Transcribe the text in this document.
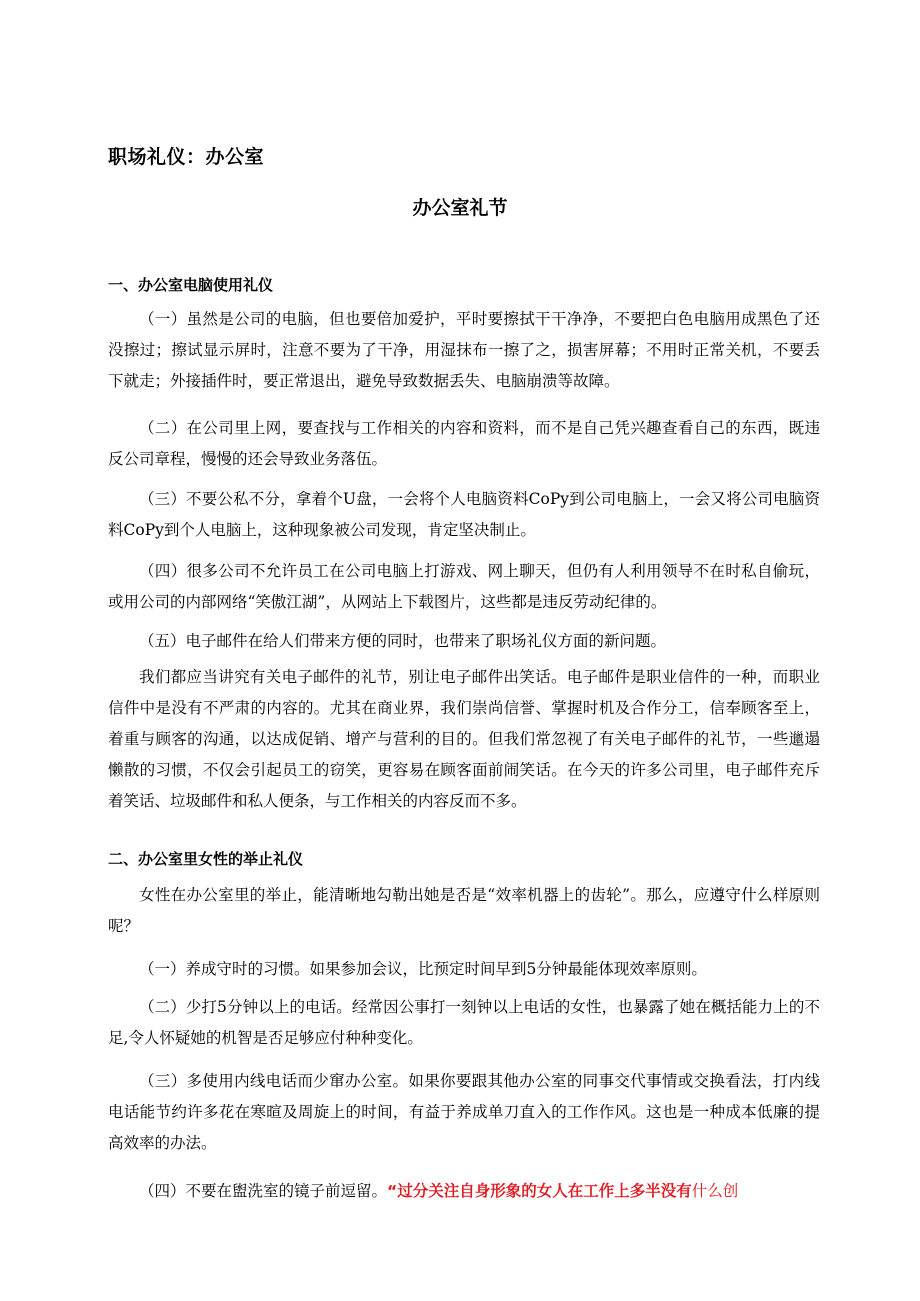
职场礼仪：办公室
办公室礼节
一、办公室电脑使用礼仪

（一）虽然是公司的电脑，但也要倍加爱护，平时要擦拭干干净净，不要把白色电脑用成黑色了还没擦过；擦试显示屏时，注意不要为了干净，用湿抹布一擦了之，损害屏幕；不用时正常关机，不要丢下就走；外接插件时，要正常退出，避免导致数据丢失、电脑崩溃等故障。

（二）在公司里上网，要查找与工作相关的内容和资料，而不是自己凭兴趣查看自己的东西，既违反公司章程，慢慢的还会导致业务落伍。

（三）不要公私不分，拿着个U盘，一会将个人电脑资料CoPy到公司电脑上，一会又将公司电脑资料CoPy到个人电脑上，这种现象被公司发现，肯定坚决制止。

（四）很多公司不允许员工在公司电脑上打游戏、网上聊天，但仍有人利用领导不在时私自偷玩，或用公司的内部网络“笑傲江湖”，从网站上下载图片，这些都是违反劳动纪律的。

（五）电子邮件在给人们带来方便的同时，也带来了职场礼仪方面的新问题。

我们都应当讲究有关电子邮件的礼节，别让电子邮件出笑话。电子邮件是职业信件的一种，而职业信件中是没有不严肃的内容的。尤其在商业界，我们崇尚信誉、掌握时机及合作分工，信奉顾客至上，着重与顾客的沟通，以达成促销、增产与营利的目的。但我们常忽视了有关电子邮件的礼节，一些邋遢懒散的习惯，不仅会引起员工的窃笑，更容易在顾客面前闹笑话。在今天的许多公司里，电子邮件充斥着笑话、垃圾邮件和私人便条，与工作相关的内容反而不多。

二、办公室里女性的举止礼仪

女性在办公室里的举止，能清晰地勾勒出她是否是“效率机器上的齿轮”。那么，应遵守什么样原则呢？

（一）养成守时的习惯。如果参加会议，比预定时间早到5分钟最能体现效率原则。

（二）少打5分钟以上的电话。经常因公事打一刻钟以上电话的女性，也暴露了她在概括能力上的不足,令人怀疑她的机智是否足够应付种种变化。

（三）多使用内线电话而少窜办公室。如果你要跟其他办公室的同事交代事情或交换看法，打内线电话能节约许多花在寒暄及周旋上的时间，有益于养成单刀直入的工作作风。这也是一种成本低廉的提高效率的办法。

（四）不要在盥洗室的镜子前逗留。“过分关注自身形象的女人在工作上多半没有什么创
